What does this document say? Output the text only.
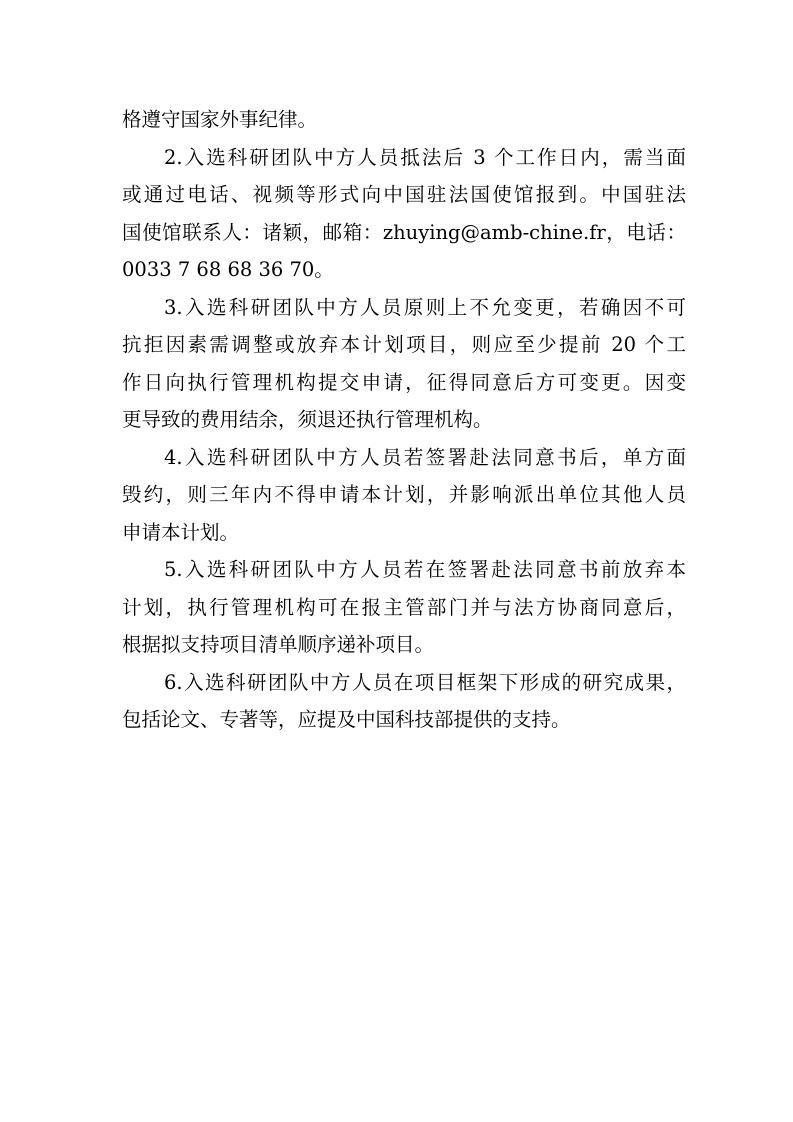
格遵守国家外事纪律。
2.入选科研团队中方人员抵法后 3 个工作日内，需当面
或通过电话、视频等形式向中国驻法国使馆报到。中国驻法
国使馆联系人：诸颖，邮箱：zhuying@amb-chine.fr，电话：
0033 7 68 68 36 70。
3.入选科研团队中方人员原则上不允变更，若确因不可
抗拒因素需调整或放弃本计划项目，则应至少提前 20 个工
作日向执行管理机构提交申请，征得同意后方可变更。因变
更导致的费用结余，须退还执行管理机构。
4.入选科研团队中方人员若签署赴法同意书后，单方面
毁约，则三年内不得申请本计划，并影响派出单位其他人员
申请本计划。
5.入选科研团队中方人员若在签署赴法同意书前放弃本
计划，执行管理机构可在报主管部门并与法方协商同意后，
根据拟支持项目清单顺序递补项目。
6.入选科研团队中方人员在项目框架下形成的研究成果，
包括论文、专著等，应提及中国科技部提供的支持。
